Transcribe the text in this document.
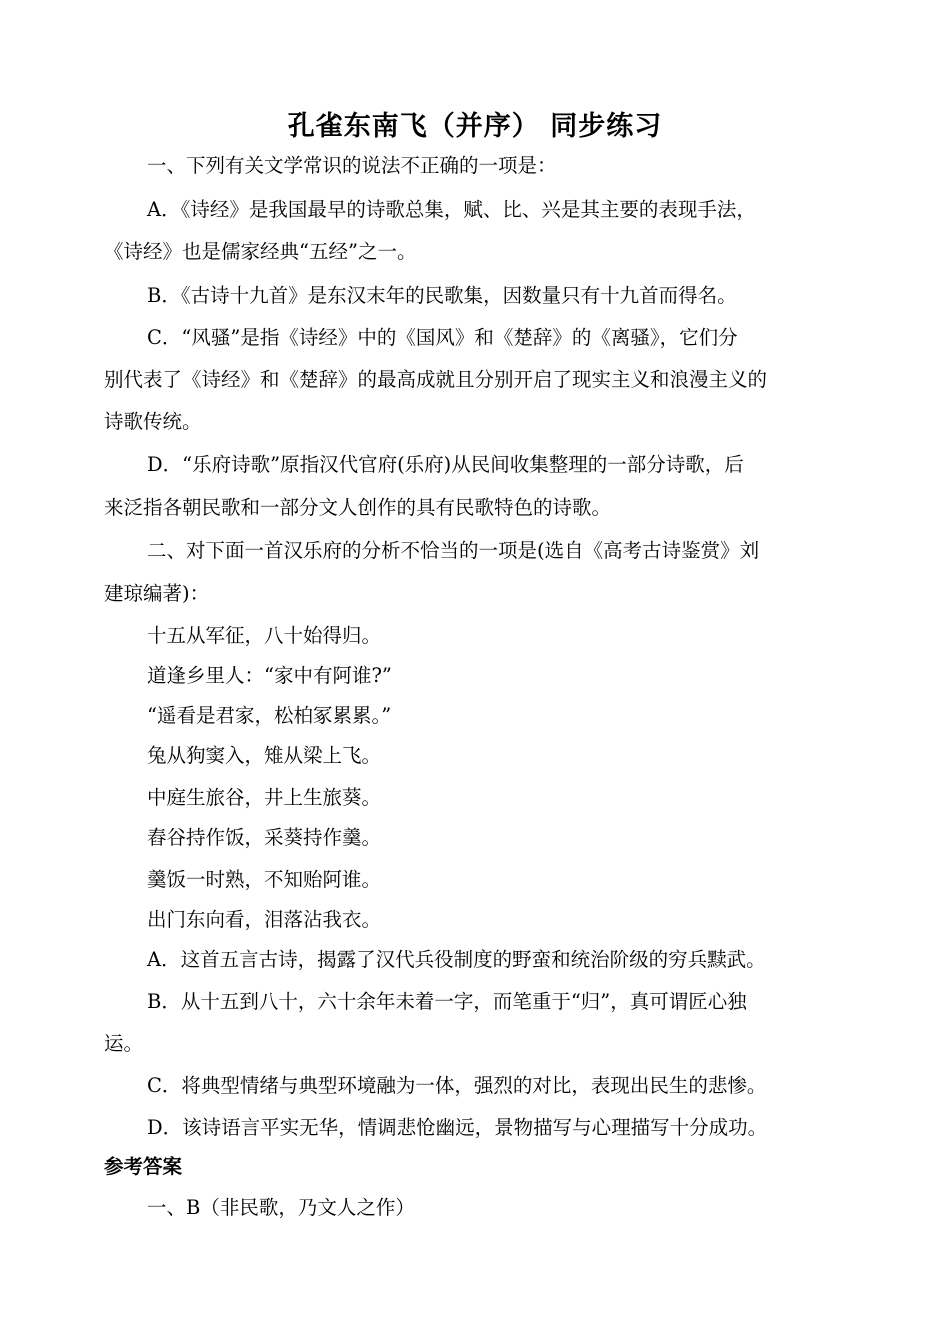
孔雀东南飞（并序） 同步练习

一、下列有关文学常识的说法不正确的一项是：

A．《诗经》是我国最早的诗歌总集，赋、比、兴是其主要的表现手法，

《诗经》也是儒家经典“五经”之一。

B．《古诗十九首》是东汉末年的民歌集，因数量只有十九首而得名。

C．“风骚”是指《诗经》中的《国风》和《楚辞》的《离骚》，它们分

别代表了《诗经》和《楚辞》的最高成就且分别开启了现实主义和浪漫主义的

诗歌传统。

D．“乐府诗歌”原指汉代官府(乐府)从民间收集整理的一部分诗歌，后

来泛指各朝民歌和一部分文人创作的具有民歌特色的诗歌。

二、对下面一首汉乐府的分析不恰当的一项是(选自《高考古诗鉴赏》刘

建琼编著)：

十五从军征，八十始得归。

道逢乡里人：“家中有阿谁?”

“遥看是君家，松柏冢累累。”

兔从狗窦入，雉从梁上飞。

中庭生旅谷，井上生旅葵。

舂谷持作饭，采葵持作羹。

羹饭一时熟，不知贻阿谁。

出门东向看，泪落沾我衣。

A．这首五言古诗，揭露了汉代兵役制度的野蛮和统治阶级的穷兵黩武。

B．从十五到八十，六十余年未着一字，而笔重于“归”，真可谓匠心独

运。

C．将典型情绪与典型环境融为一体，强烈的对比，表现出民生的悲惨。

D．该诗语言平实无华，情调悲怆幽远，景物描写与心理描写十分成功。

参考答案

一、B（非民歌，乃文人之作）
